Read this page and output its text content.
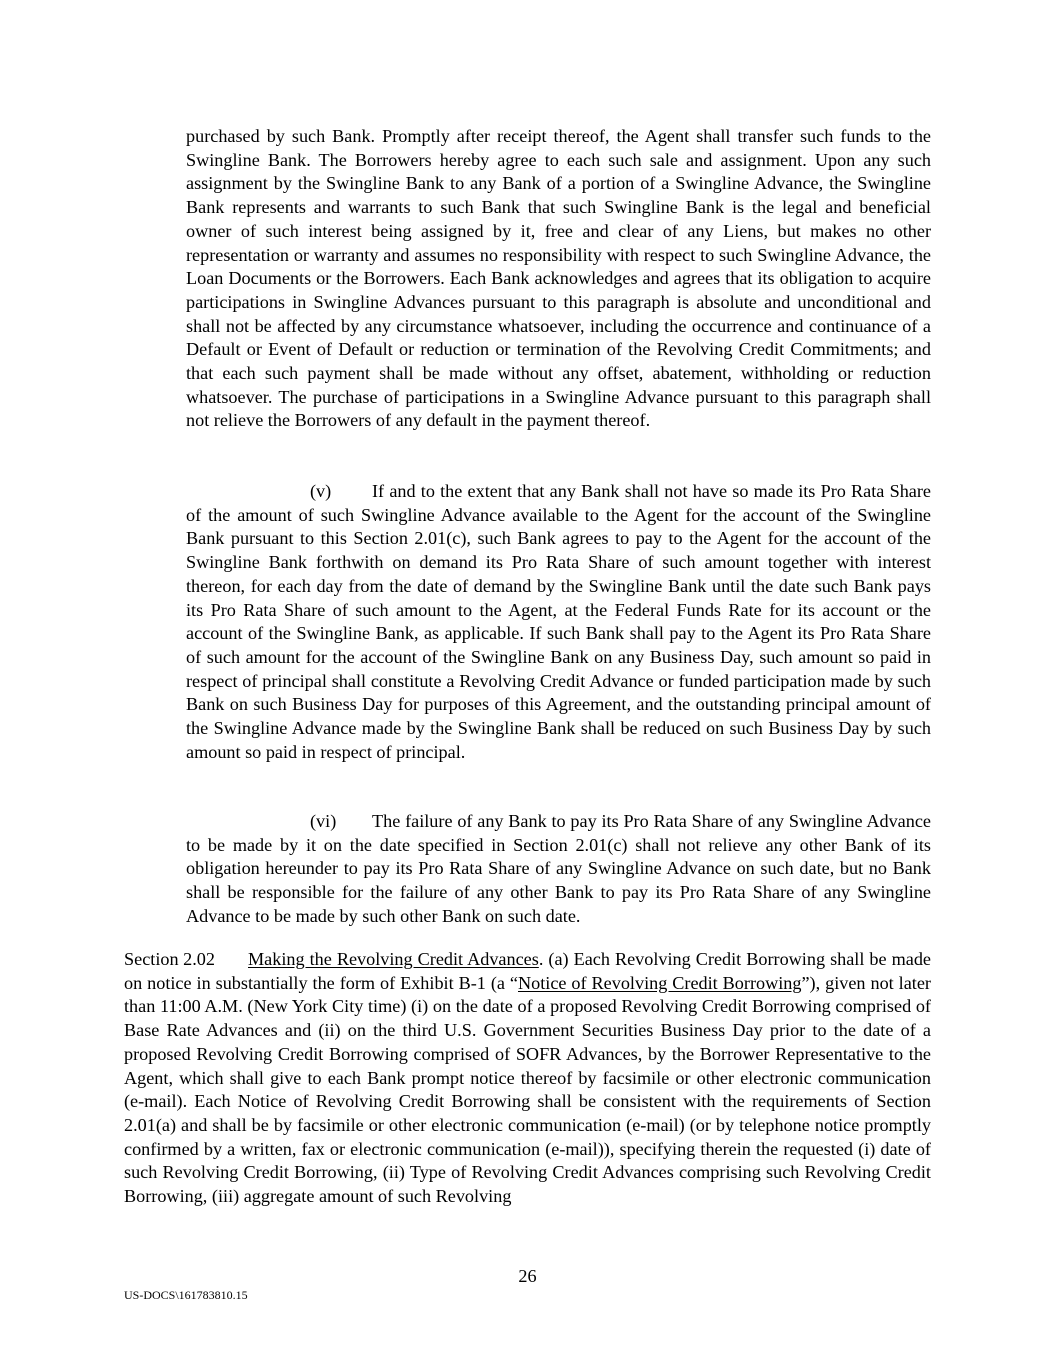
purchased by such Bank. Promptly after receipt thereof, the Agent shall transfer such funds to the Swingline Bank. The Borrowers hereby agree to each such sale and assignment. Upon any such assignment by the Swingline Bank to any Bank of a portion of a Swingline Advance, the Swingline Bank represents and warrants to such Bank that such Swingline Bank is the legal and beneficial owner of such interest being assigned by it, free and clear of any Liens, but makes no other representation or warranty and assumes no responsibility with respect to such Swingline Advance, the Loan Documents or the Borrowers. Each Bank acknowledges and agrees that its obligation to acquire participations in Swingline Advances pursuant to this paragraph is absolute and unconditional and shall not be affected by any circumstance whatsoever, including the occurrence and continuance of a Default or Event of Default or reduction or termination of the Revolving Credit Commitments; and that each such payment shall be made without any offset, abatement, withholding or reduction whatsoever. The purchase of participations in a Swingline Advance pursuant to this paragraph shall not relieve the Borrowers of any default in the payment thereof.
(v) If and to the extent that any Bank shall not have so made its Pro Rata Share of the amount of such Swingline Advance available to the Agent for the account of the Swingline Bank pursuant to this Section 2.01(c), such Bank agrees to pay to the Agent for the account of the Swingline Bank forthwith on demand its Pro Rata Share of such amount together with interest thereon, for each day from the date of demand by the Swingline Bank until the date such Bank pays its Pro Rata Share of such amount to the Agent, at the Federal Funds Rate for its account or the account of the Swingline Bank, as applicable. If such Bank shall pay to the Agent its Pro Rata Share of such amount for the account of the Swingline Bank on any Business Day, such amount so paid in respect of principal shall constitute a Revolving Credit Advance or funded participation made by such Bank on such Business Day for purposes of this Agreement, and the outstanding principal amount of the Swingline Advance made by the Swingline Bank shall be reduced on such Business Day by such amount so paid in respect of principal.
(vi) The failure of any Bank to pay its Pro Rata Share of any Swingline Advance to be made by it on the date specified in Section 2.01(c) shall not relieve any other Bank of its obligation hereunder to pay its Pro Rata Share of any Swingline Advance on such date, but no Bank shall be responsible for the failure of any other Bank to pay its Pro Rata Share of any Swingline Advance to be made by such other Bank on such date.
Section 2.02 Making the Revolving Credit Advances. (a) Each Revolving Credit Borrowing shall be made on notice in substantially the form of Exhibit B-1 (a “Notice of Revolving Credit Borrowing”), given not later than 11:00 A.M. (New York City time) (i) on the date of a proposed Revolving Credit Borrowing comprised of Base Rate Advances and (ii) on the third U.S. Government Securities Business Day prior to the date of a proposed Revolving Credit Borrowing comprised of SOFR Advances, by the Borrower Representative to the Agent, which shall give to each Bank prompt notice thereof by facsimile or other electronic communication (e-mail). Each Notice of Revolving Credit Borrowing shall be consistent with the requirements of Section 2.01(a) and shall be by facsimile or other electronic communication (e-mail) (or by telephone notice promptly confirmed by a written, fax or electronic communication (e-mail)), specifying therein the requested (i) date of such Revolving Credit Borrowing, (ii) Type of Revolving Credit Advances comprising such Revolving Credit Borrowing, (iii) aggregate amount of such Revolving
26
US-DOCS\161783810.15
